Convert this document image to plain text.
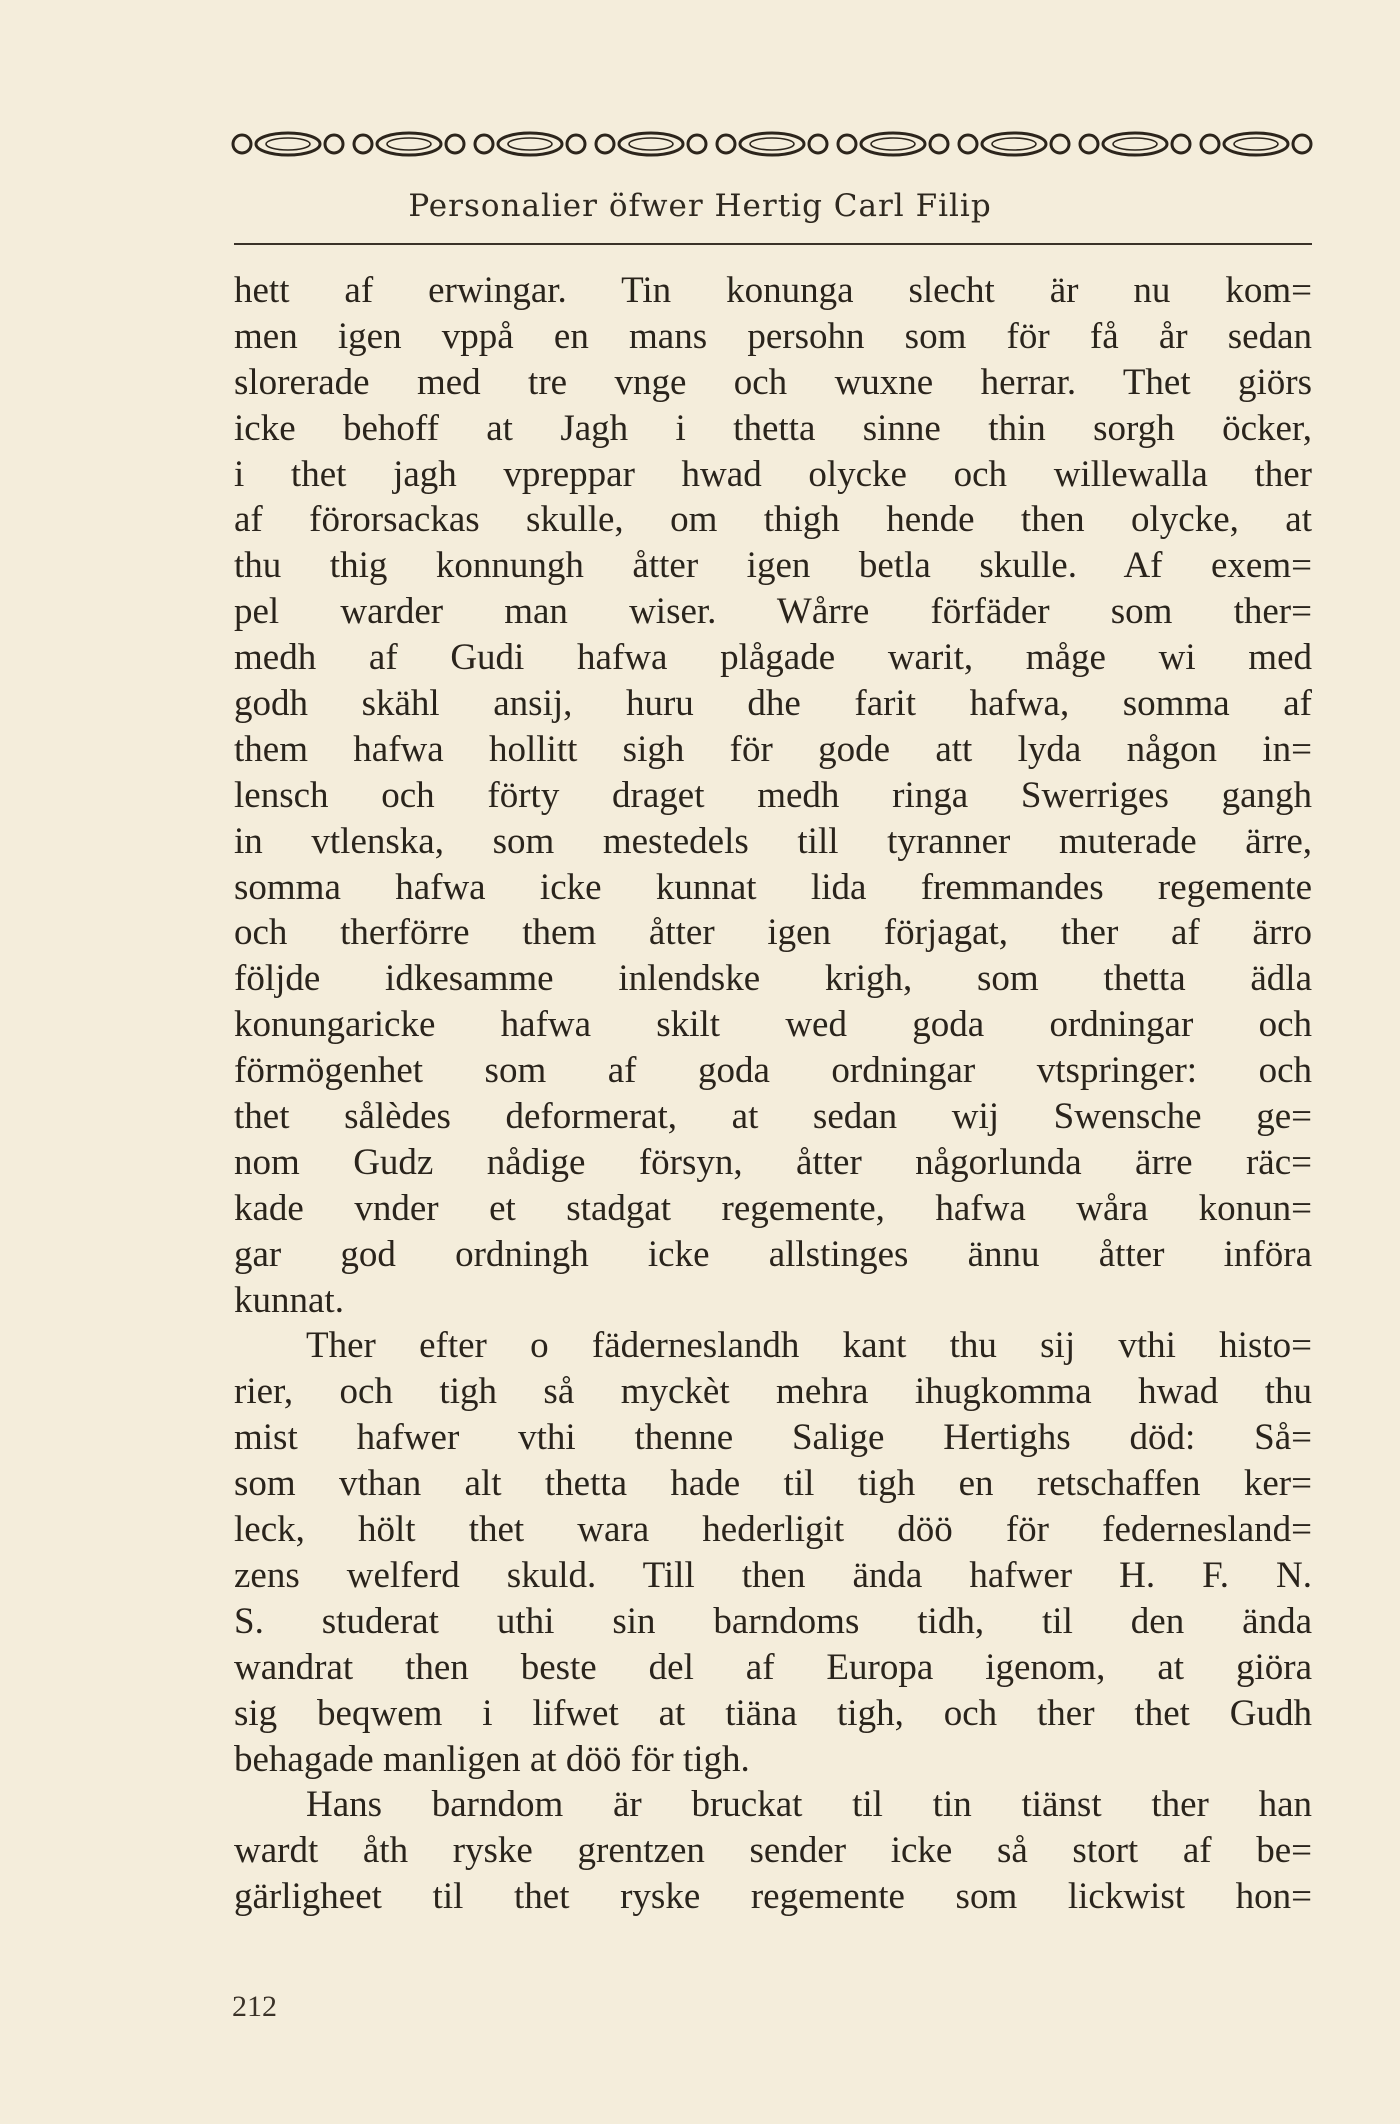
Personalier öfwer Hertig Carl Filip
hett af erwingar. Tin konunga slecht är nu kom=
men igen vppå en mans persohn som för få år sedan
slorerade med tre vnge och wuxne herrar. Thet giörs
icke behoff at Jagh i thetta sinne thin sorgh öcker,
i thet jagh vpreppar hwad olycke och willewalla ther
af förorsackas skulle, om thigh hende then olycke, at
thu thig konnungh åtter igen betla skulle. Af exem=
pel warder man wiser. Wårre förfäder som ther=
medh af Gudi hafwa plågade warit, måge wi med
godh skähl ansij, huru dhe farit hafwa, somma af
them hafwa hollitt sigh för gode att lyda någon in=
lensch och förty draget medh ringa Swerriges gangh
in vtlenska, som mestedels till tyranner muterade ärre,
somma hafwa icke kunnat lida fremmandes regemente
och therförre them åtter igen förjagat, ther af ärro
följde idkesamme inlendske krigh, som thetta ädla
konungaricke hafwa skilt wed goda ordningar och
förmögenhet som af goda ordningar vtspringer: och
thet sålèdes deformerat, at sedan wij Swensche ge=
nom Gudz nådige försyn, åtter någorlunda ärre räc=
kade vnder et stadgat regemente, hafwa wåra konun=
gar god ordningh icke allstinges ännu åtter införa
kunnat.
Ther efter o fäderneslandh kant thu sij vthi histo=
rier, och tigh så myckèt mehra ihugkomma hwad thu
mist hafwer vthi thenne Salige Hertighs död: Så=
som vthan alt thetta hade til tigh en retschaffen ker=
leck, hölt thet wara hederligit döö för federnesland=
zens welferd skuld. Till then ända hafwer H. F. N.
S. studerat uthi sin barndoms tidh, til den ända
wandrat then beste del af Europa igenom, at giöra
sig beqwem i lifwet at tiäna tigh, och ther thet Gudh
behagade manligen at döö för tigh.
Hans barndom är bruckat til tin tiänst ther han
wardt åth ryske grentzen sender icke så stort af be=
gärligheet til thet ryske regemente som lickwist hon=
212
